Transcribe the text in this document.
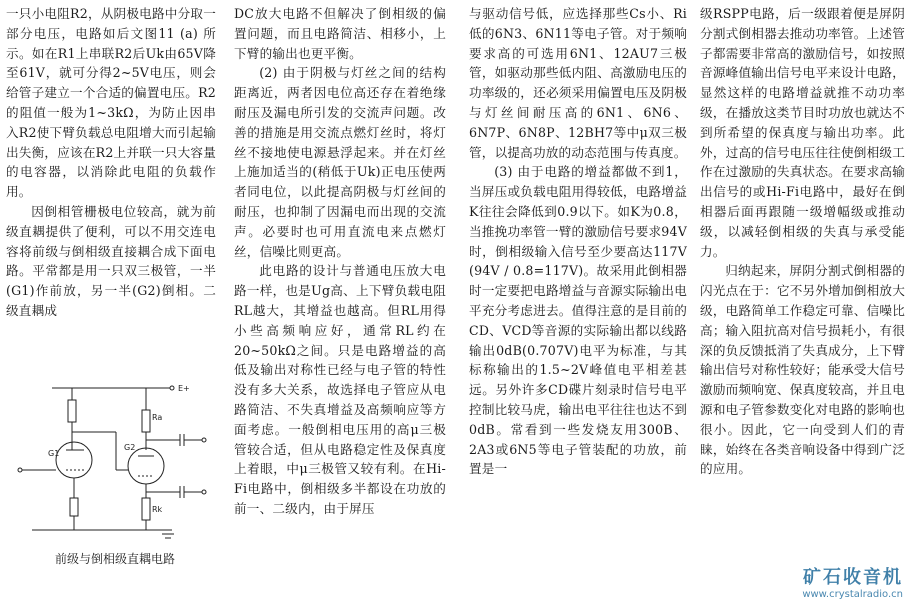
一只小电阻R2，从阴极电路中分取一部分电压，电路如后文图11 (a) 所示。如在R1上串联R2后Uk由65V降至61V，就可分得2~5V电压，则会给管子建立一个合适的偏置电压。R2的阻值一般为1~3kΩ，为防止因串入R2使下臂负载总电阻增大而引起输出失衡，应该在R2上并联一只大容量的电容器，以消除此电阻的负载作用。

因倒相管栅极电位较高，就为前级直耦提供了便利，可以不用交连电容将前级与倒相级直接耦合成下面电路。平常都是用一只双三极管，一半(G1)作前放，另一半(G2)倒相。二级直耦成

E+
G1
G2
Ra
Rk
前级与倒相级直耦电路

DC放大电路不但解决了倒相级的偏置问题，而且电路简洁、相移小，上下臂的输出也更平衡。

(2) 由于阴极与灯丝之间的结构距离近，两者因电位高还存在着绝缘耐压及漏电所引发的交流声问题。改善的措施是用交流点燃灯丝时，将灯丝不接地使电源悬浮起来。并在灯丝上施加适当的(稍低于Uk)正电压使两者同电位，以此提高阴极与灯丝间的耐压，也抑制了因漏电而出现的交流声。必要时也可用直流电来点燃灯丝，信噪比则更高。

此电路的设计与普通电压放大电路一样，也是Ug高、上下臂负载电阻RL越大，其增益也越高。但RL用得小些高频响应好，通常RL约在20~50kΩ之间。只是电路增益的高低及输出对称性已经与电子管的特性没有多大关系，故选择电子管应从电路简洁、不失真增益及高频响应等方面考虑。一般倒相电压用的高μ三极管较合适，但从电路稳定性及保真度上着眼，中μ三极管又较有利。在Hi-Fi电路中，倒相级多半都设在功放的前一、二级内，由于屏压

与驱动信号低，应选择那些Cs小、Ri低的6N3、6N11等电子管。对于频响要求高的可选用6N1、12AU7三极管，如驱动那些低内阻、高激励电压的功率级的，还必须采用偏置电压及阴极与灯丝间耐压高的6N1、6N6、6N7P、6N8P、12BH7等中μ双三极管，以提高功放的动态范围与传真度。

(3) 由于电路的增益都做不到1，当屏压或负载电阻用得较低，电路增益K往往会降低到0.9以下。如K为0.8，当推挽功率管一臂的激励信号要求94V时，倒相级输入信号至少要高达117V (94V / 0.8=117V)。故采用此倒相器时一定要把电路增益与音源实际输出电平充分考虑进去。值得注意的是目前的CD、VCD等音源的实际输出都以线路输出0dB(0.707V)电平为标准，与其标称输出的1.5~2V峰值电平相差甚远。另外许多CD碟片刻录时信号电平控制比较马虎，输出电平往往也达不到0dB。常看到一些发烧友用300B、2A3或6N5等电子管装配的功放，前置是一

级RSPP电路，后一级跟着便是屏阴分割式倒相器去推动功率管。上述管子都需要非常高的激励信号，如按照音源峰值输出信号电平来设计电路，显然这样的电路增益就推不动功率级，在播放这类节目时功放也就达不到所希望的保真度与输出功率。此外，过高的信号电压往往使倒相级工作在过激励的失真状态。在要求高输出信号的或Hi-Fi电路中，最好在倒相器后面再跟随一级增幅级或推动级，以减轻倒相级的失真与承受能力。

归纳起来，屏阴分割式倒相器的闪光点在于：它不另外增加倒相放大级，电路简单工作稳定可靠、信噪比高；输入阻抗高对信号损耗小，有很深的负反馈抵消了失真成分，上下臂输出信号对称性较好；能承受大信号激励而频响宽、保真度较高，并且电源和电子管参数变化对电路的影响也很小。因此，它一向受到人们的青睐，始终在各类音响设备中得到广泛的应用。

矿石收音机
www.crystalradio.cn
